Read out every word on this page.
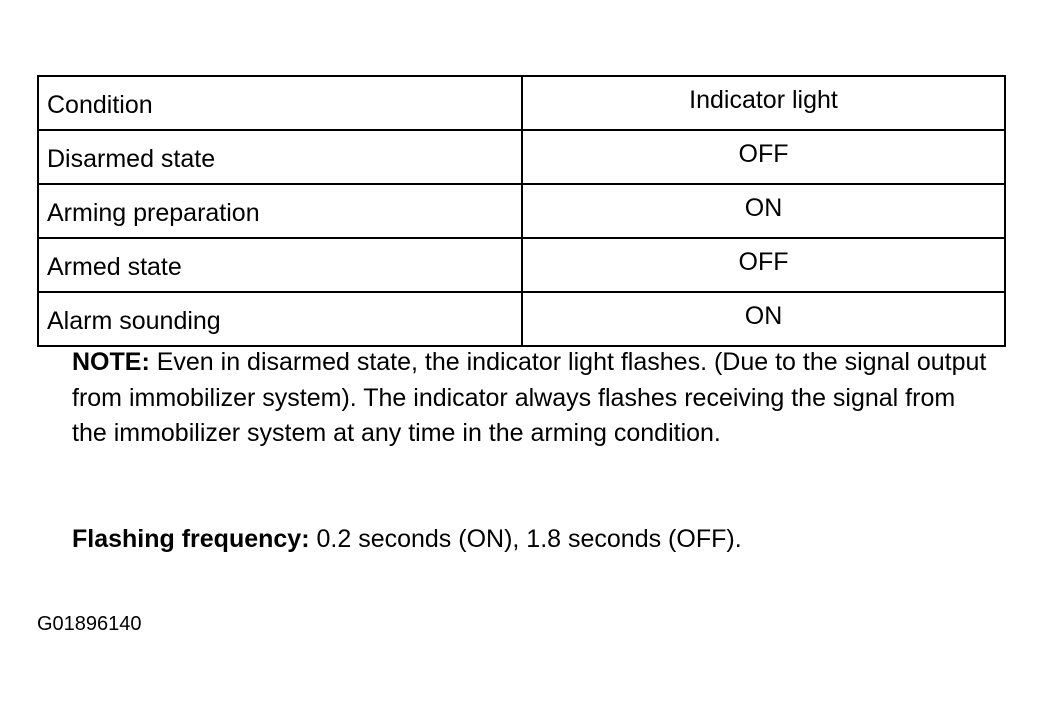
Condition	Indicator light
Disarmed state	OFF
Arming preparation	ON
Armed state	OFF
Alarm sounding	ON
NOTE: Even in disarmed state, the indicator light flashes. (Due to the signal output from immobilizer system). The indicator always flashes receiving the signal from the immobilizer system at any time in the arming condition.
Flashing frequency: 0.2 seconds (ON), 1.8 seconds (OFF).
G01896140
